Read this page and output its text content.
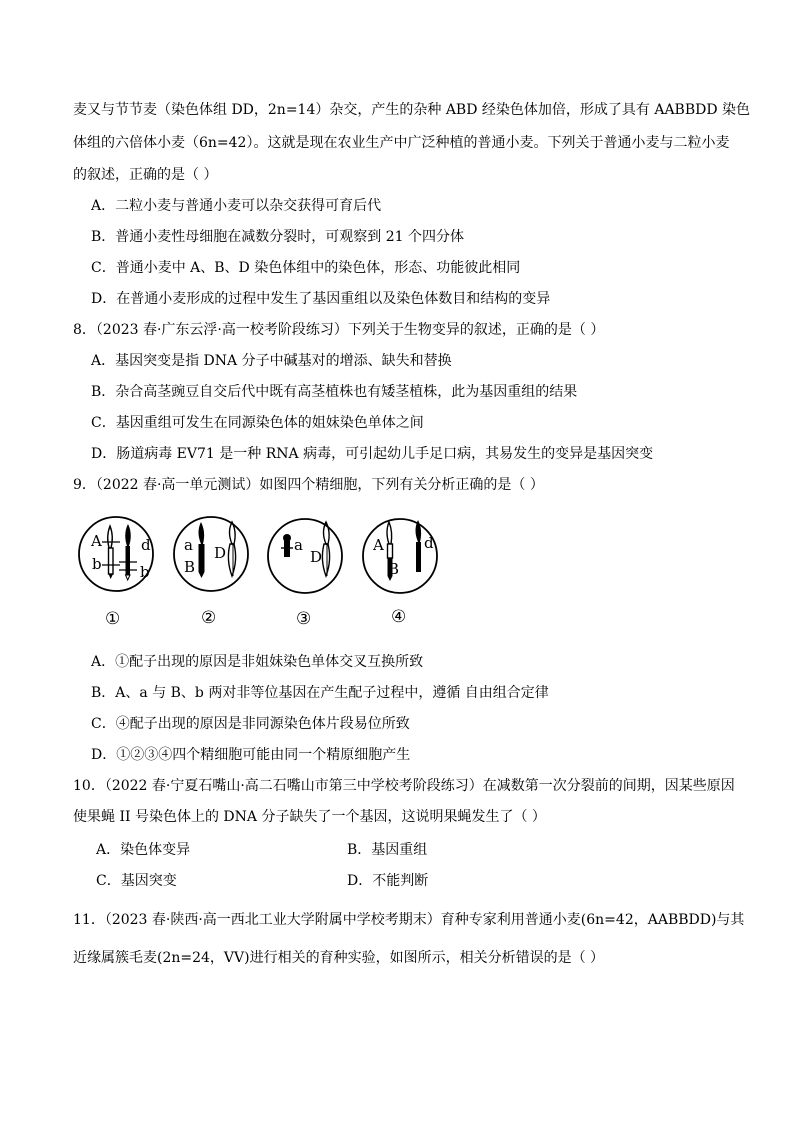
麦又与节节麦（染色体组 DD，2n=14）杂交，产生的杂种 ABD 经染色体加倍，形成了具有 AABBDD 染色
体组的六倍体小麦（6n=42）。这就是现在农业生产中广泛种植的普通小麦。下列关于普通小麦与二粒小麦
的叙述，正确的是（ ）
A．二粒小麦与普通小麦可以杂交获得可育后代
B．普通小麦性母细胞在减数分裂时，可观察到 21 个四分体
C．普通小麦中 A、B、D 染色体组中的染色体，形态、功能彼此相同
D．在普通小麦形成的过程中发生了基因重组以及染色体数目和结构的变异
8．（2023 春·广东云浮·高一校考阶段练习）下列关于生物变异的叙述，正确的是（ ）
A．基因突变是指 DNA 分子中碱基对的增添、缺失和替换
B．杂合高茎豌豆自交后代中既有高茎植株也有矮茎植株，此为基因重组的结果
C．基因重组可发生在同源染色体的姐妹染色单体之间
D．肠道病毒 EV71 是一种 RNA 病毒，可引起幼儿手足口病，其易发生的变异是基因突变
9．（2022 春·高一单元测试）如图四个精细胞，下列有关分析正确的是（ ）
A
b
d
b
a
B
D	a
D
A
B
d
①	②	③	④
A．①配子出现的原因是非姐妹染色单体交叉互换所致
B．A、a 与 B、b 两对非等位基因在产生配子过程中，遵循 自由组合定律
C．④配子出现的原因是非同源染色体片段易位所致
D．①②③④四个精细胞可能由同一个精原细胞产生
10．（2022 春·宁夏石嘴山·高二石嘴山市第三中学校考阶段练习）在减数第一次分裂前的间期，因某些原因
使果蝇 II 号染色体上的 DNA 分子缺失了一个基因，这说明果蝇发生了（ ）
A．染色体变异	B．基因重组
C．基因突变	D．不能判断
11．（2023 春·陕西·高一西北工业大学附属中学校考期末）育种专家利用普通小麦(6n=42，AABBDD)与其
近缘属簇毛麦(2n=24，VV)进行相关的育种实验，如图所示，相关分析错误的是（ ）
